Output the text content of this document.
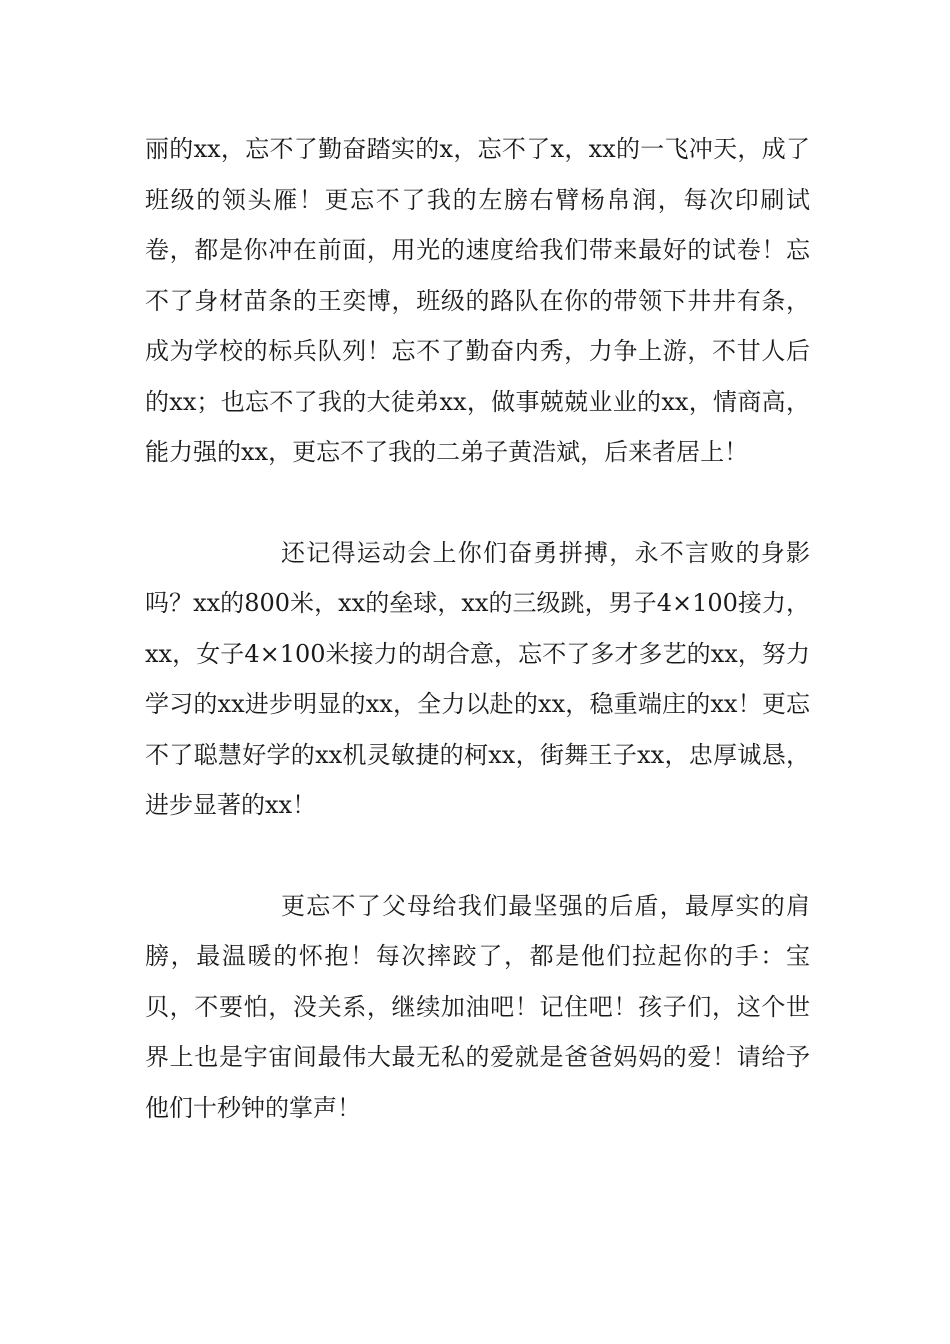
丽的xx，忘不了勤奋踏实的x，忘不了x，xx的一飞冲天，成了班级的领头雁！更忘不了我的左膀右臂杨帛润，每次印刷试卷，都是你冲在前面，用光的速度给我们带来最好的试卷！忘不了身材苗条的王奕博，班级的路队在你的带领下井井有条，成为学校的标兵队列！忘不了勤奋内秀，力争上游，不甘人后的xx；也忘不了我的大徒弟xx，做事兢兢业业的xx，情商高，能力强的xx，更忘不了我的二弟子黄浩斌，后来者居上！

还记得运动会上你们奋勇拼搏，永不言败的身影吗？xx的800米，xx的垒球，xx的三级跳，男子4×100接力，xx，女子4×100米接力的胡合意，忘不了多才多艺的xx，努力学习的xx进步明显的xx，全力以赴的xx，稳重端庄的xx！更忘不了聪慧好学的xx机灵敏捷的柯xx，街舞王子xx，忠厚诚恳，进步显著的xx！

更忘不了父母给我们最坚强的后盾，最厚实的肩膀，最温暖的怀抱！每次摔跤了，都是他们拉起你的手：宝贝，不要怕，没关系，继续加油吧！记住吧！孩子们，这个世界上也是宇宙间最伟大最无私的爱就是爸爸妈妈的爱！请给予他们十秒钟的掌声！
